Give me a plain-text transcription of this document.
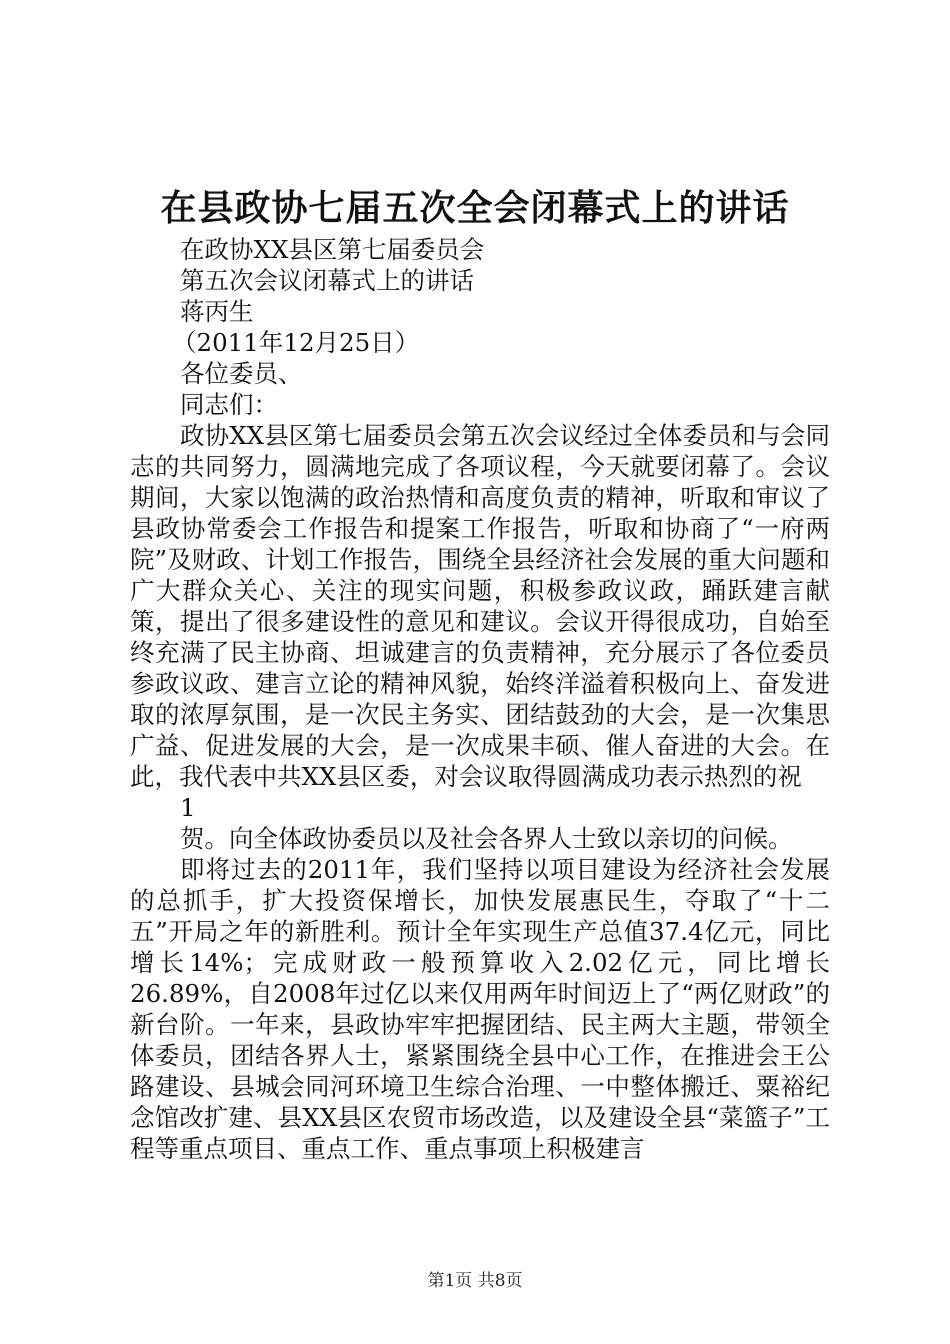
在县政协七届五次全会闭幕式上的讲话
在政协XX县区第七届委员会
第五次会议闭幕式上的讲话
蒋丙生
（2011年12月25日）
各位委员、
同志们：

政协XX县区第七届委员会第五次会议经过全体委员和与会同志的共同努力，圆满地完成了各项议程，今天就要闭幕了。会议期间，大家以饱满的政治热情和高度负责的精神，听取和审议了县政协常委会工作报告和提案工作报告，听取和协商了“一府两院”及财政、计划工作报告，围绕全县经济社会发展的重大问题和广大群众关心、关注的现实问题，积极参政议政，踊跃建言献策，提出了很多建设性的意见和建议。会议开得很成功，自始至终充满了民主协商、坦诚建言的负责精神，充分展示了各位委员参政议政、建言立论的精神风貌，始终洋溢着积极向上、奋发进取的浓厚氛围，是一次民主务实、团结鼓劲的大会，是一次集思广益、促进发展的大会，是一次成果丰硕、催人奋进的大会。在此，我代表中共XX县区委，对会议取得圆满成功表示热烈的祝

1

贺。向全体政协委员以及社会各界人士致以亲切的问候。

即将过去的2011年，我们坚持以项目建设为经济社会发展的总抓手，扩大投资保增长，加快发展惠民生，夺取了“十二五”开局之年的新胜利。预计全年实现生产总值37.4亿元，同比增长14%；完成财政一般预算收入2.02亿元，同比增长26.89%，自2008年过亿以来仅用两年时间迈上了“两亿财政”的新台阶。一年来，县政协牢牢把握团结、民主两大主题，带领全体委员，团结各界人士，紧紧围绕全县中心工作，在推进会王公路建设、县城会同河环境卫生综合治理、一中整体搬迁、粟裕纪念馆改扩建、县XX县区农贸市场改造，以及建设全县“菜篮子”工程等重点项目、重点工作、重点事项上积极建言

第1页 共8页
